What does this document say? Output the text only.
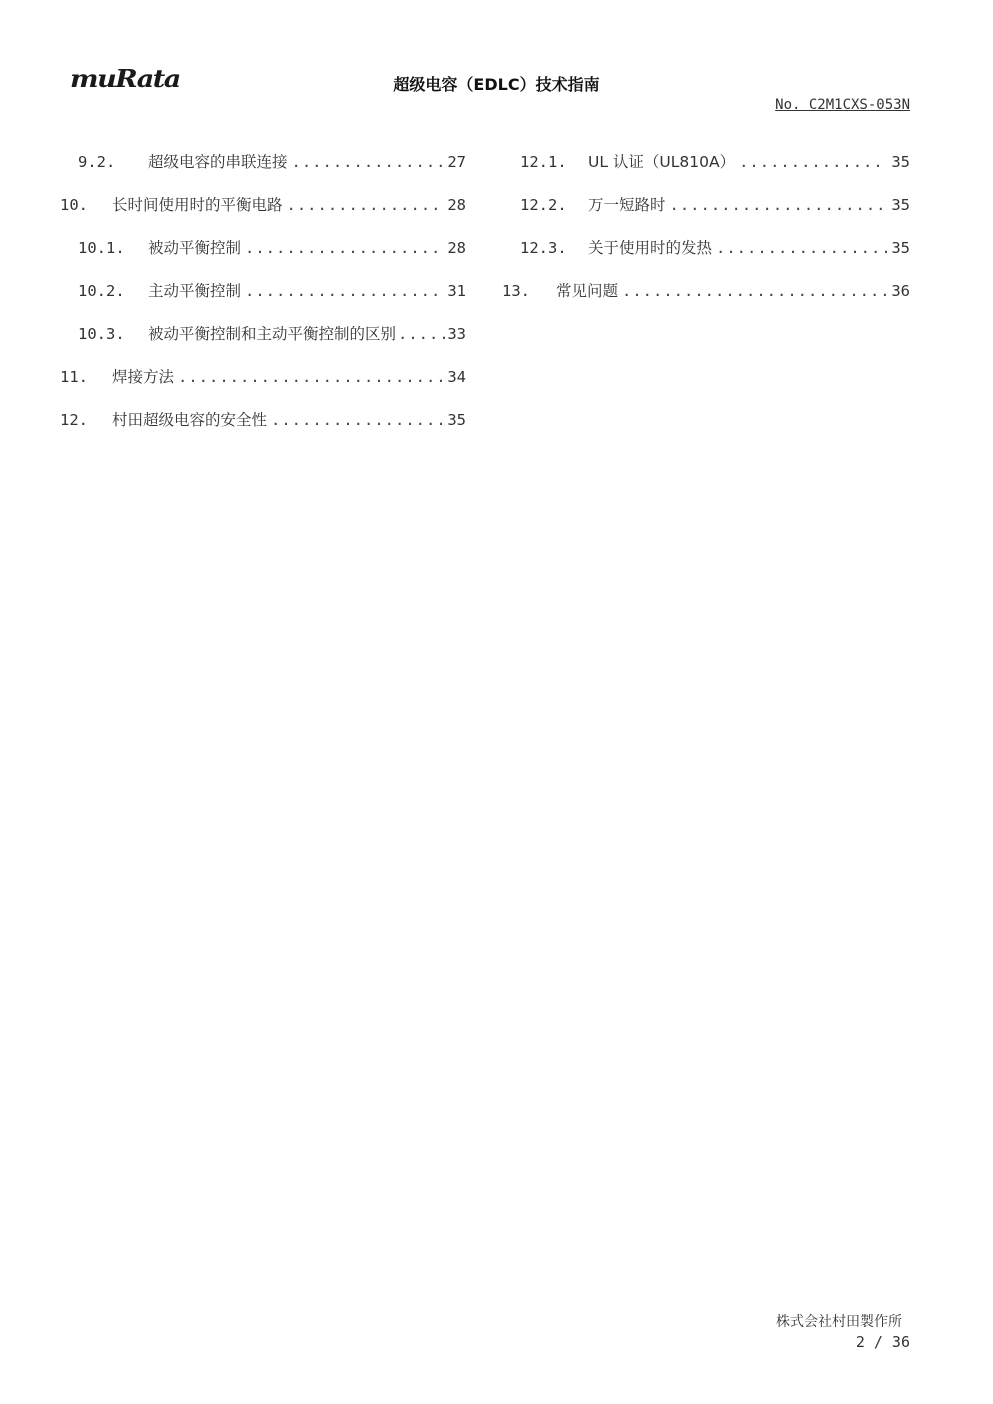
muRata	超级电容（EDLC）技术指南
No. C2M1CXS-053N
9.2.	超级电容的串联连接 .....	27
10.	长时间使用时的平衡电路 .....	28
10.1.	被动平衡控制 .....	28
10.2.	主动平衡控制 .....	31
10.3.	被动平衡控制和主动平衡控制的区别 .....	33
11.	焊接方法 .....	34
12.	村田超级电容的安全性 .....	35
12.1.	UL 认证（UL810A） .....	35
12.2.	万一短路时 .....	35
12.3.	关于使用时的发热 .....	35
13.	常见问题 .....	36
株式会社村田製作所
2 / 36
